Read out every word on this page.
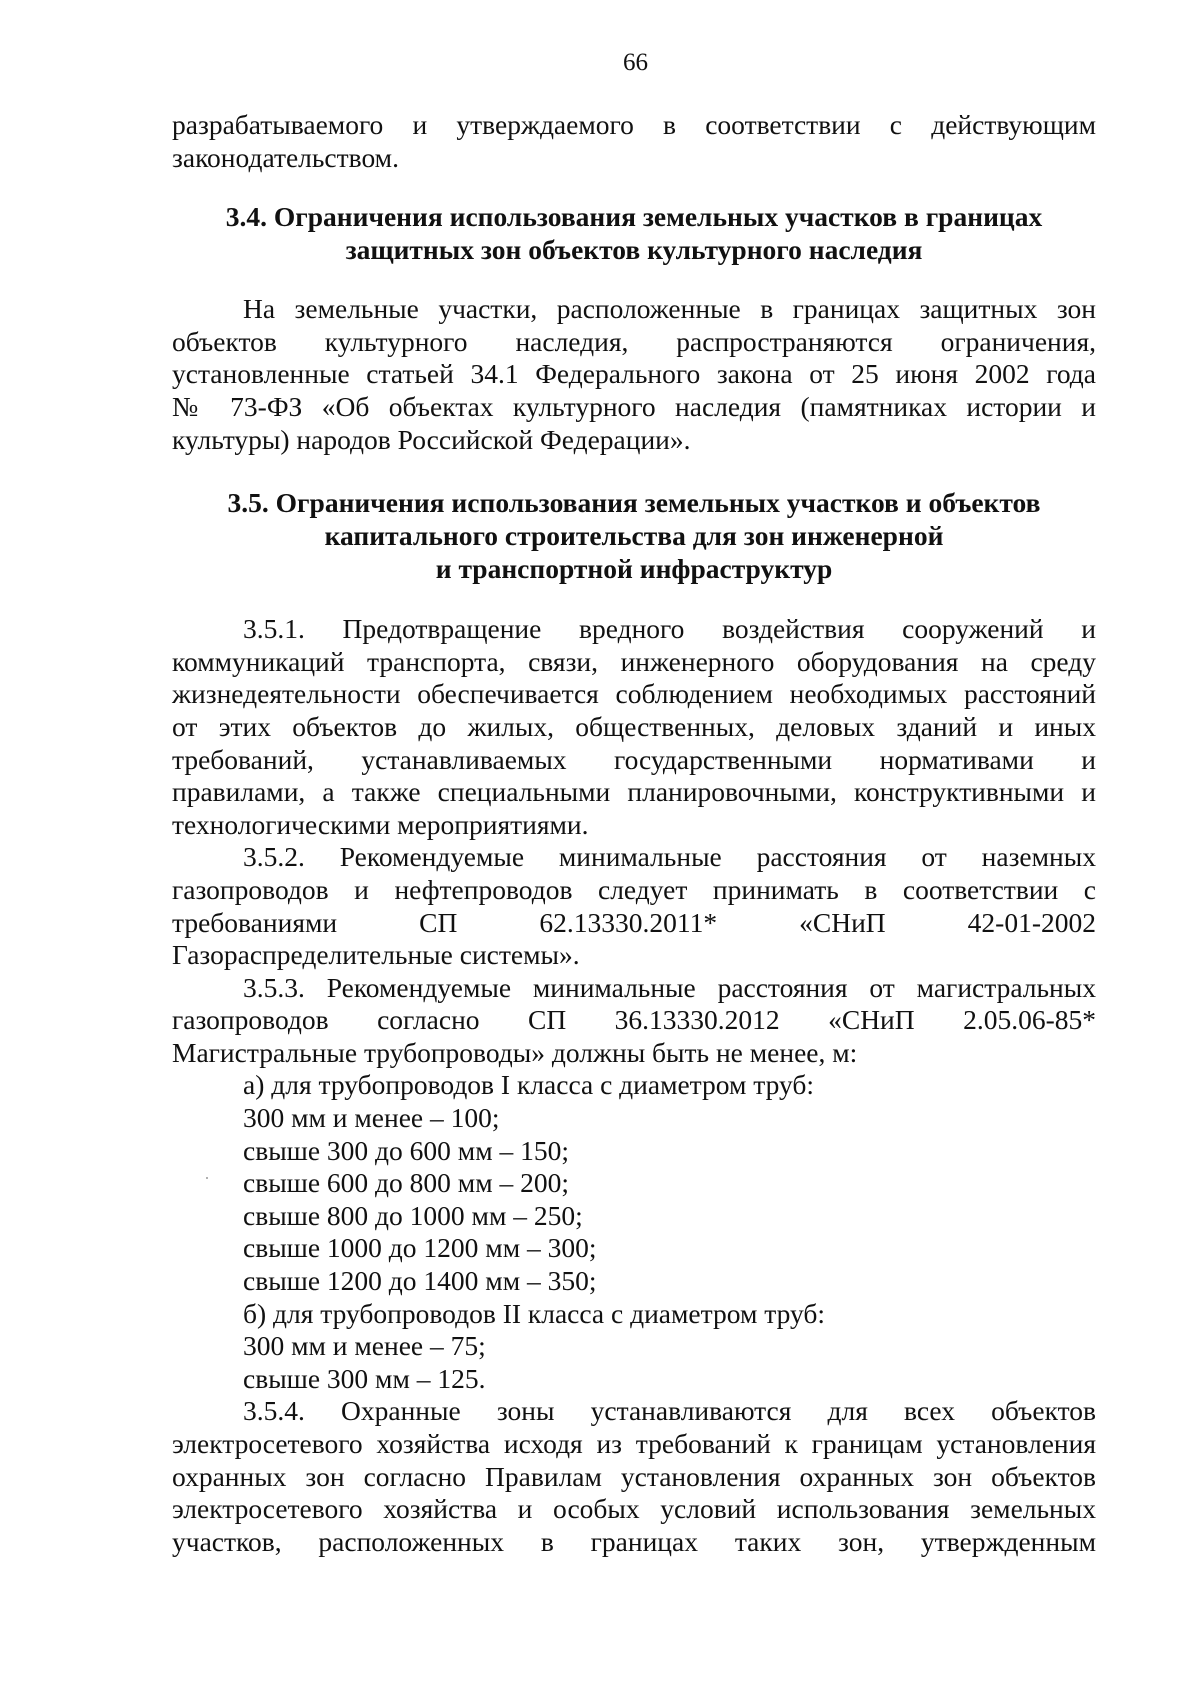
66
разрабатываемого и утверждаемого в соответствии с действующим
законодательством.
3.4. Ограничения использования земельных участков в границах
защитных зон объектов культурного наследия
На земельные участки, расположенные в границах защитных зон
объектов культурного наследия, распространяются ограничения,
установленные статьей 34.1 Федерального закона от 25 июня 2002 года
№ 73-ФЗ «Об объектах культурного наследия (памятниках истории и
культуры) народов Российской Федерации».
3.5. Ограничения использования земельных участков и объектов
капитального строительства для зон инженерной
и транспортной инфраструктур
3.5.1. Предотвращение вредного воздействия сооружений и
коммуникаций транспорта, связи, инженерного оборудования на среду
жизнедеятельности обеспечивается соблюдением необходимых расстояний
от этих объектов до жилых, общественных, деловых зданий и иных
требований, устанавливаемых государственными нормативами и
правилами, а также специальными планировочными, конструктивными и
технологическими мероприятиями.
3.5.2. Рекомендуемые минимальные расстояния от наземных
газопроводов и нефтепроводов следует принимать в соответствии с
требованиями СП 62.13330.2011* «СНиП 42-01-2002
Газораспределительные системы».
3.5.3. Рекомендуемые минимальные расстояния от магистральных
газопроводов согласно СП 36.13330.2012 «СНиП 2.05.06-85*
Магистральные трубопроводы» должны быть не менее, м:
а) для трубопроводов I класса с диаметром труб:
300 мм и менее – 100;
свыше 300 до 600 мм – 150;
свыше 600 до 800 мм – 200;
свыше 800 до 1000 мм – 250;
свыше 1000 до 1200 мм – 300;
свыше 1200 до 1400 мм – 350;
б) для трубопроводов II класса с диаметром труб:
300 мм и менее – 75;
свыше 300 мм – 125.
3.5.4. Охранные зоны устанавливаются для всех объектов
электросетевого хозяйства исходя из требований к границам установления
охранных зон согласно Правилам установления охранных зон объектов
электросетевого хозяйства и особых условий использования земельных
участков, расположенных в границах таких зон, утвержденным
